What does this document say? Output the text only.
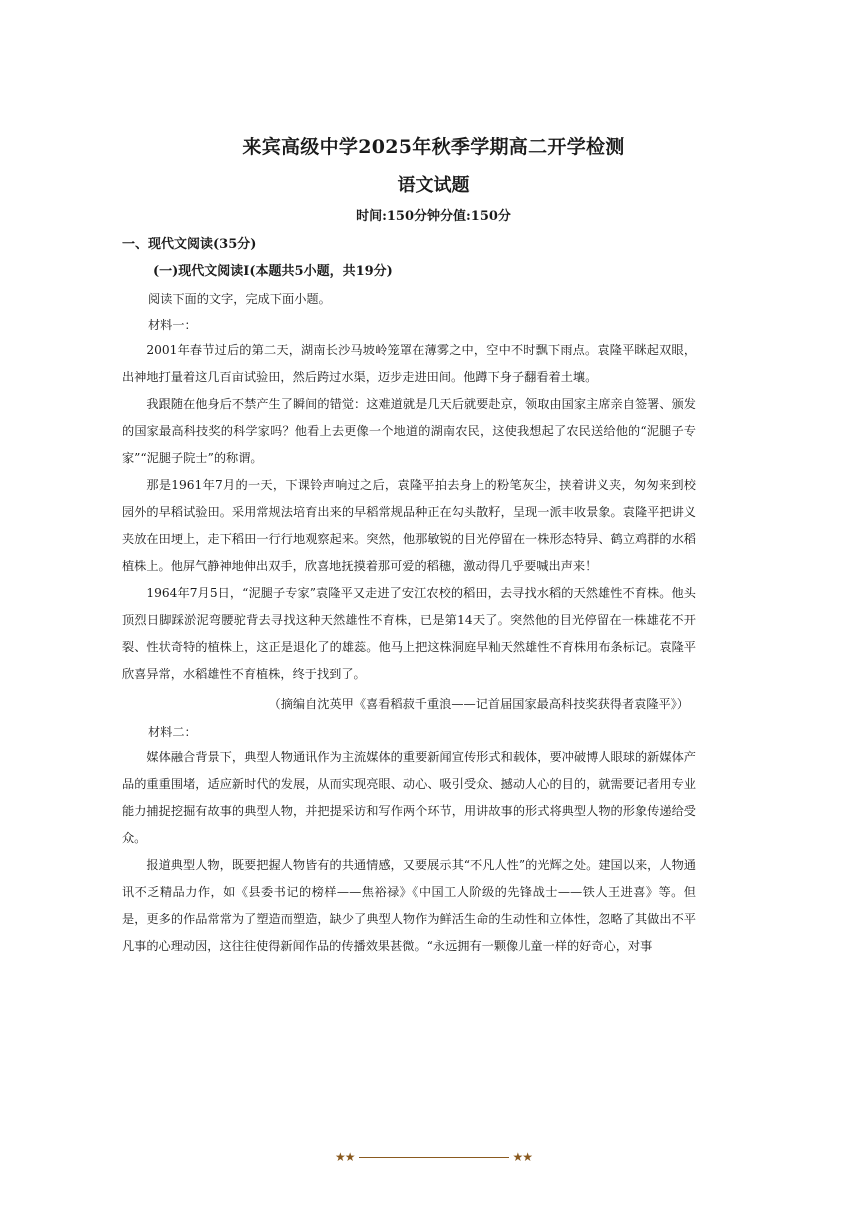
来宾高级中学2025年秋季学期高二开学检测
语文试题
时间:150分钟分值:150分
一、现代文阅读(35分)
(一)现代文阅读Ⅰ(本题共5小题，共19分)
阅读下面的文字，完成下面小题。
材料一：

2001年春节过后的第二天，湖南长沙马坡岭笼罩在薄雾之中，空中不时飘下雨点。袁隆平眯起双眼，出神地打量着这几百亩试验田，然后跨过水渠，迈步走进田间。他蹲下身子翻看着土壤。

我跟随在他身后不禁产生了瞬间的错觉：这难道就是几天后就要赴京，领取由国家主席亲自签署、颁发的国家最高科技奖的科学家吗？他看上去更像一个地道的湖南农民，这使我想起了农民送给他的“泥腿子专家”“泥腿子院士”的称谓。

那是1961年7月的一天，下课铃声响过之后，袁隆平拍去身上的粉笔灰尘，挟着讲义夹，匆匆来到校园外的早稻试验田。采用常规法培育出来的早稻常规品种正在勾头散籽，呈现一派丰收景象。袁隆平把讲义夹放在田埂上，走下稻田一行行地观察起来。突然，他那敏锐的目光停留在一株形态特异、鹤立鸡群的水稻植株上。他屏气静神地伸出双手，欣喜地抚摸着那可爱的稻穗，激动得几乎要喊出声来！

1964年7月5日，“泥腿子专家”袁隆平又走进了安江农校的稻田，去寻找水稻的天然雄性不育株。他头顶烈日脚踩淤泥弯腰驼背去寻找这种天然雄性不育株，已是第14天了。突然他的目光停留在一株雄花不开裂、性状奇特的植株上，这正是退化了的雄蕊。他马上把这株洞庭早籼天然雄性不育株用布条标记。袁隆平欣喜异常，水稻雄性不育植株，终于找到了。

（摘编自沈英甲《喜看稻菽千重浪——记首届国家最高科技奖获得者袁隆平》）
材料二：

媒体融合背景下，典型人物通讯作为主流媒体的重要新闻宣传形式和载体，要冲破博人眼球的新媒体产品的重重围堵，适应新时代的发展，从而实现亮眼、动心、吸引受众、撼动人心的目的，就需要记者用专业能力捕捉挖掘有故事的典型人物，并把提采访和写作两个环节，用讲故事的形式将典型人物的形象传递给受众。

报道典型人物，既要把握人物皆有的共通情感，又要展示其“不凡人性”的光辉之处。建国以来，人物通讯不乏精品力作，如《县委书记的榜样——焦裕禄》《中国工人阶级的先锋战士——铁人王进喜》等。但是，更多的作品常常为了塑造而塑造，缺少了典型人物作为鲜活生命的生动性和立体性，忽略了其做出不平凡事的心理动因，这往往使得新闻作品的传播效果甚微。“永远拥有一颗像儿童一样的好奇心，对事

★★	★★
